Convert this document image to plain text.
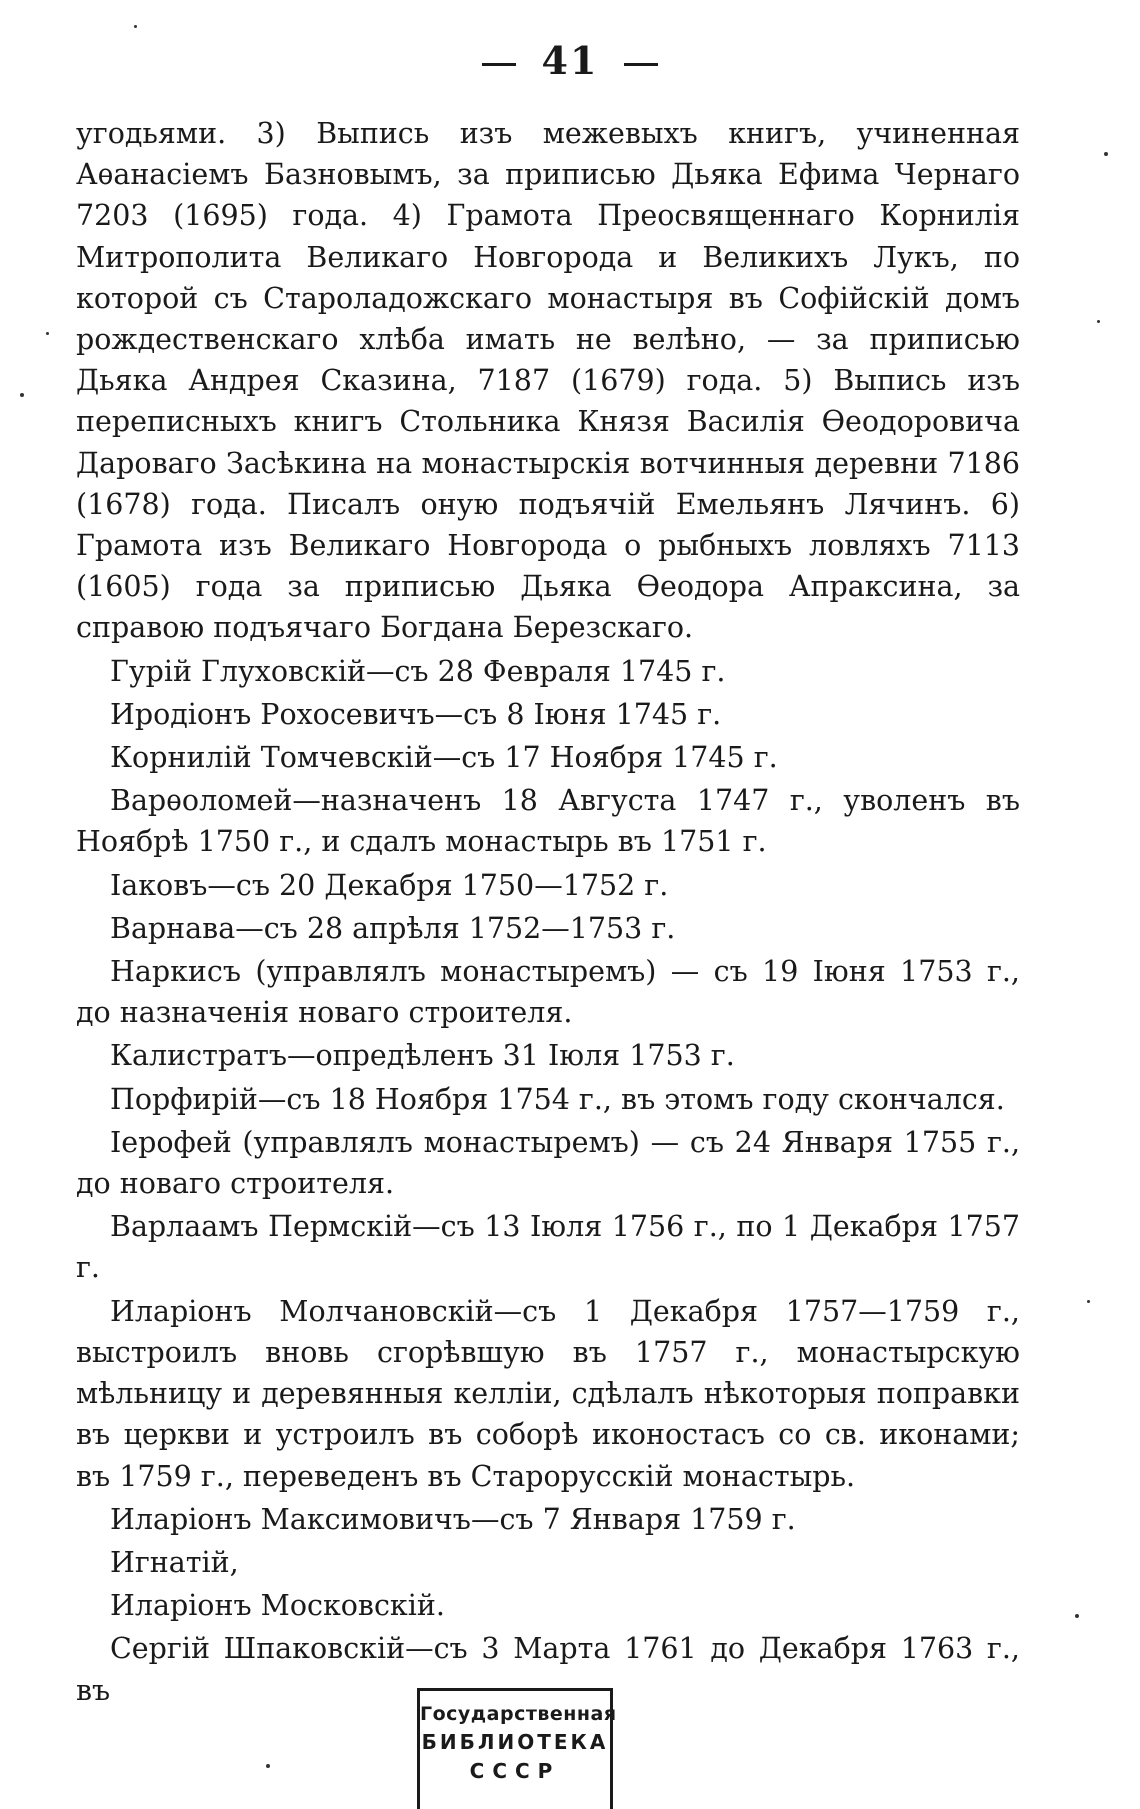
41

угодьями. 3) Выпись изъ межевыхъ книгъ, учиненная Аѳанасiемъ Базновымъ, за приписью Дьяка Ефима Чернаго 7203 (1695) года. 4) Грамота Преосвященнаго Корнилія Митрополита Великаго Новгорода и Великихъ Лукъ, по которой съ Староладожскаго монастыря въ Софiйскiй домъ рождественскаго хлѣба имать не велѣно, — за приписью Дьяка Андрея Сказина, 7187 (1679) года. 5) Выпись изъ переписныхъ книгъ Стольника Князя Василія Ѳеодоровича Дароваго Засѣкина на монастырскія вотчинныя деревни 7186 (1678) года. Писалъ оную подъячiй Емельянъ Лячинъ. 6) Грамота изъ Великаго Новгорода о рыбныхъ ловляхъ 7113 (1605) года за приписью Дьяка Ѳеодора Апраксина, за справою подъячаго Богдана Березскаго.

Гурiй Глуховскiй—съ 28 Февраля 1745 г.

Иродiонъ Рохосевичъ—съ 8 Іюня 1745 г.

Корнилiй Томчевскiй—съ 17 Ноября 1745 г.

Варѳоломей—назначенъ 18 Августа 1747 г., уволенъ въ Ноябрѣ 1750 г., и сдалъ монастырь въ 1751 г.

Іаковъ—съ 20 Декабря 1750—1752 г.

Варнава—съ 28 апрѣля 1752—1753 г.

Наркисъ (управлялъ монастыремъ) — съ 19 Іюня 1753 г., до назначенія новаго строителя.

Калистратъ—опредѣленъ 31 Іюля 1753 г.

Порфирiй—съ 18 Ноября 1754 г., въ этомъ году скончался.

Іерофей (управлялъ монастыремъ) — съ 24 Января 1755 г., до новаго строителя.

Варлаамъ Пермскiй—съ 13 Іюля 1756 г., по 1 Декабря 1757 г.

Иларiонъ Молчановскiй—съ 1 Декабря 1757—1759 г., выстроилъ вновь сгорѣвшую въ 1757 г., монастырскую мѣльницу и деревянныя келлiи, сдѣлалъ нѣкоторыя поправки въ церкви и устроилъ въ соборѣ иконостасъ со св. иконами; въ 1759 г., переведенъ въ Старорусскiй монастырь.

Иларiонъ Максимовичъ—съ 7 Января 1759 г.

Игнатiй,

Иларiонъ Московскiй.

Сергiй Шпаковскiй—съ 3 Марта 1761 до Декабря 1763 г., въ

Государственная
БИБЛИОТЕКА
СССР
